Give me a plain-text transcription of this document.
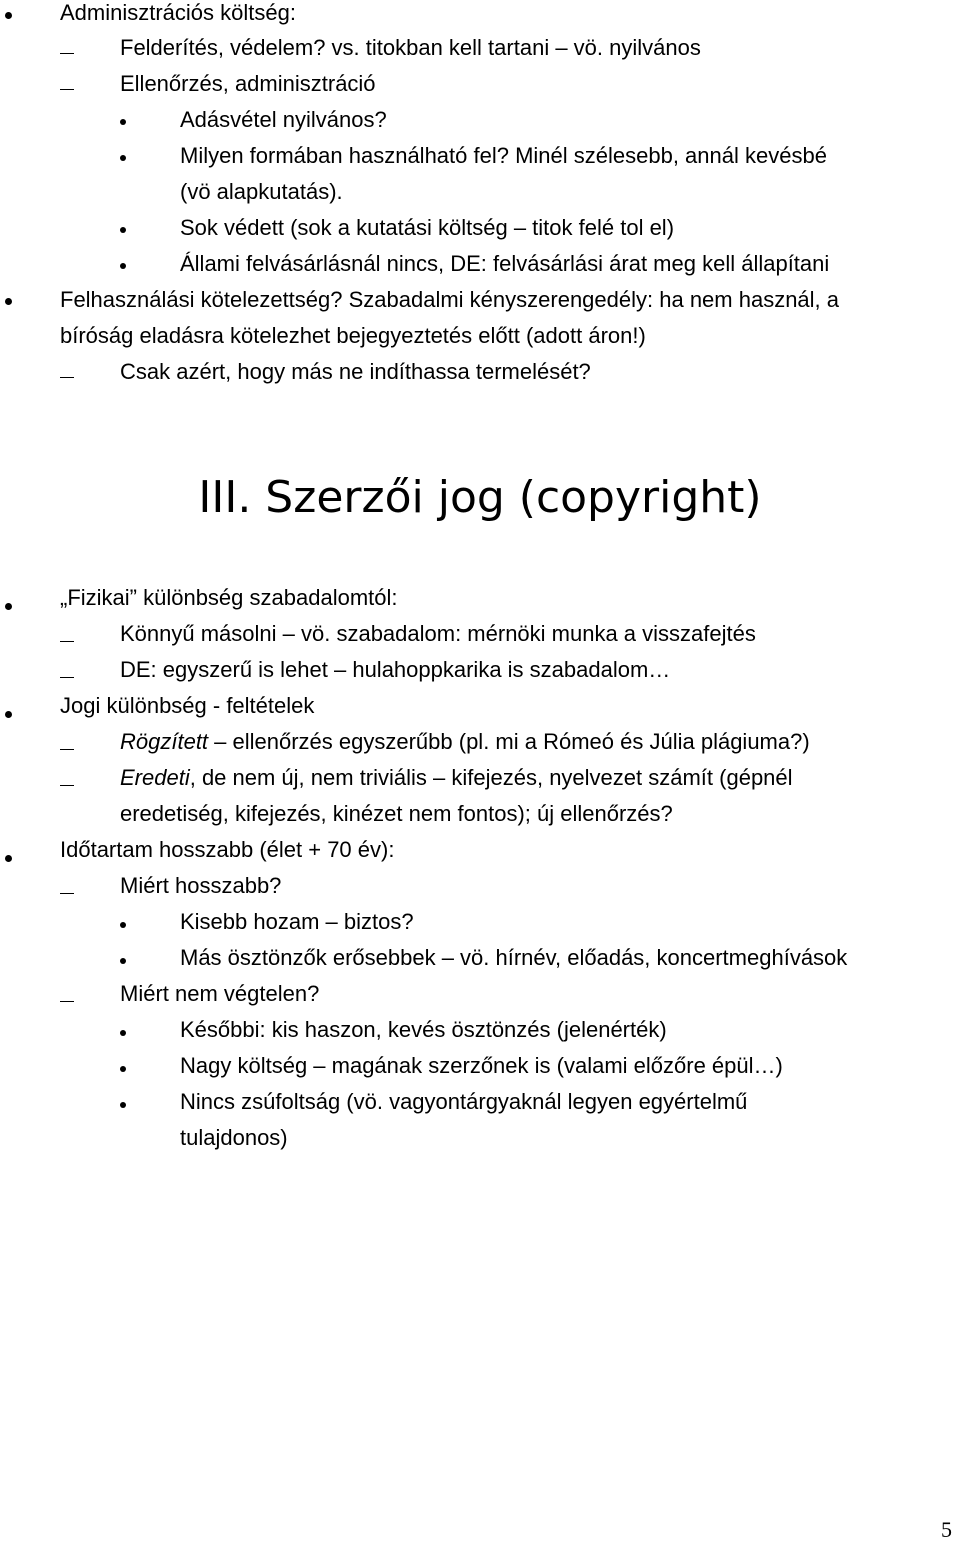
Adminisztrációs költség:
Felderítés, védelem? vs. titokban kell tartani – vö. nyilvános
Ellenőrzés, adminisztráció
Adásvétel nyilvános?
Milyen formában használható fel? Minél szélesebb, annál kevésbé
(vö alapkutatás).
Sok védett (sok a kutatási költség – titok felé tol el)
Állami felvásárlásnál nincs, DE: felvásárlási árat meg kell állapítani
Felhasználási kötelezettség? Szabadalmi kényszerengedély: ha nem használ, a
bíróság eladásra kötelezhet bejegyeztetés előtt (adott áron!)
Csak azért, hogy más ne indíthassa termelését?
III. Szerzői jog (copyright)
„Fizikai” különbség szabadalomtól:
Könnyű másolni – vö. szabadalom: mérnöki munka a visszafejtés
DE: egyszerű is lehet – hulahoppkarika is szabadalom…
Jogi különbség - feltételek
Rögzített – ellenőrzés egyszerűbb (pl. mi a Rómeó és Júlia plágiuma?)
Eredeti, de nem új, nem triviális – kifejezés, nyelvezet számít (gépnél
eredetiség, kifejezés, kinézet nem fontos); új ellenőrzés?
Időtartam hosszabb (élet + 70 év):
Miért hosszabb?
Kisebb hozam – biztos?
Más ösztönzők erősebbek – vö. hírnév, előadás, koncertmeghívások
Miért nem végtelen?
Későbbi: kis haszon, kevés ösztönzés (jelenérték)
Nagy költség – magának szerzőnek is (valami előzőre épül…)
Nincs zsúfoltság (vö. vagyontárgyaknál legyen egyértelmű
tulajdonos)
5
